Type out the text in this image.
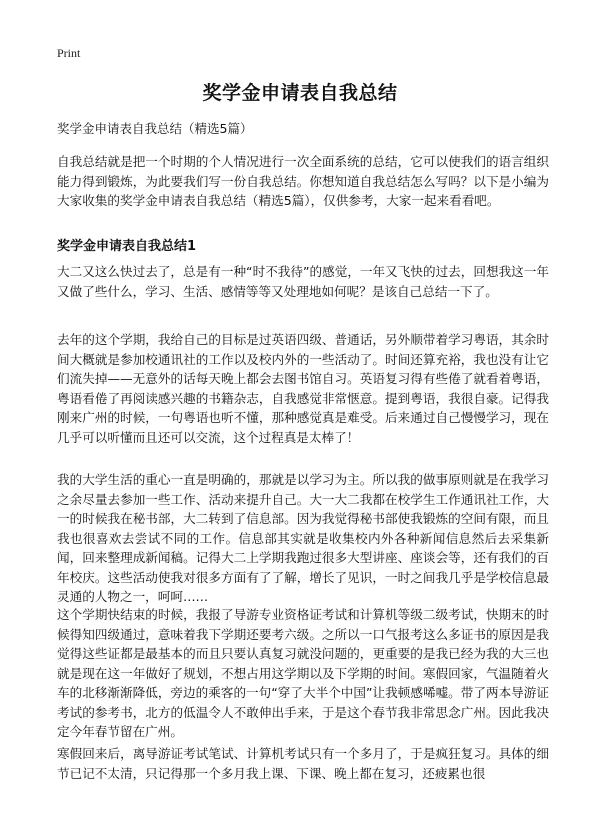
Print
奖学金申请表自我总结
奖学金申请表自我总结（精选5篇）

自我总结就是把一个时期的个人情况进行一次全面系统的总结，它可以使我们的语言组织能力得到锻炼，为此要我们写一份自我总结。你想知道自我总结怎么写吗？以下是小编为大家收集的奖学金申请表自我总结（精选5篇），仅供参考，大家一起来看看吧。

奖学金申请表自我总结1

大二又这么快过去了，总是有一种“时不我待”的感觉，一年又飞快的过去，回想我这一年又做了些什么，学习、生活、感情等等又处理地如何呢？是该自己总结一下了。

去年的这个学期，我给自己的目标是过英语四级、普通话，另外顺带着学习粤语，其余时间大概就是参加校通讯社的工作以及校内外的一些活动了。时间还算充裕，我也没有让它们流失掉——无意外的话每天晚上都会去图书馆自习。英语复习得有些倦了就看着粤语，粤语看倦了再阅读感兴趣的书籍杂志，自我感觉非常惬意。提到粤语，我很自豪。记得我刚来广州的时候，一句粤语也听不懂，那种感觉真是难受。后来通过自己慢慢学习，现在几乎可以听懂而且还可以交流，这个过程真是太棒了！

我的大学生活的重心一直是明确的，那就是以学习为主。所以我的做事原则就是在我学习之余尽量去参加一些工作、活动来提升自己。大一大二我都在校学生工作通讯社工作，大一的时候我在秘书部，大二转到了信息部。因为我觉得秘书部使我锻炼的空间有限，而且我也很喜欢去尝试不同的工作。信息部其实就是收集校内外各种新闻信息然后去采集新闻，回来整理成新闻稿。记得大二上学期我跑过很多大型讲座、座谈会等，还有我们的百年校庆。这些活动使我对很多方面有了了解，增长了见识，一时之间我几乎是学校信息最灵通的人物之一，呵呵……

这个学期快结束的时候，我报了导游专业资格证考试和计算机等级二级考试，快期末的时候得知四级通过，意味着我下学期还要考六级。之所以一口气报考这么多证书的原因是我觉得这些证都是最基本的而且只要认真复习就没问题的，更重要的是我已经为我的大三也就是现在这一年做好了规划，不想占用这学期以及下学期的时间。寒假回家，气温随着火车的北移渐渐降低，旁边的乘客的一句“穿了大半个中国”让我顿感唏嘘。带了两本导游证考试的参考书，北方的低温令人不敢伸出手来，于是这个春节我非常思念广州。因此我决定今年春节留在广州。

寒假回来后，离导游证考试笔试、计算机考试只有一个多月了，于是疯狂复习。具体的细节已记不太清，只记得那一个多月我上课、下课、晚上都在复习，还疲累也很
